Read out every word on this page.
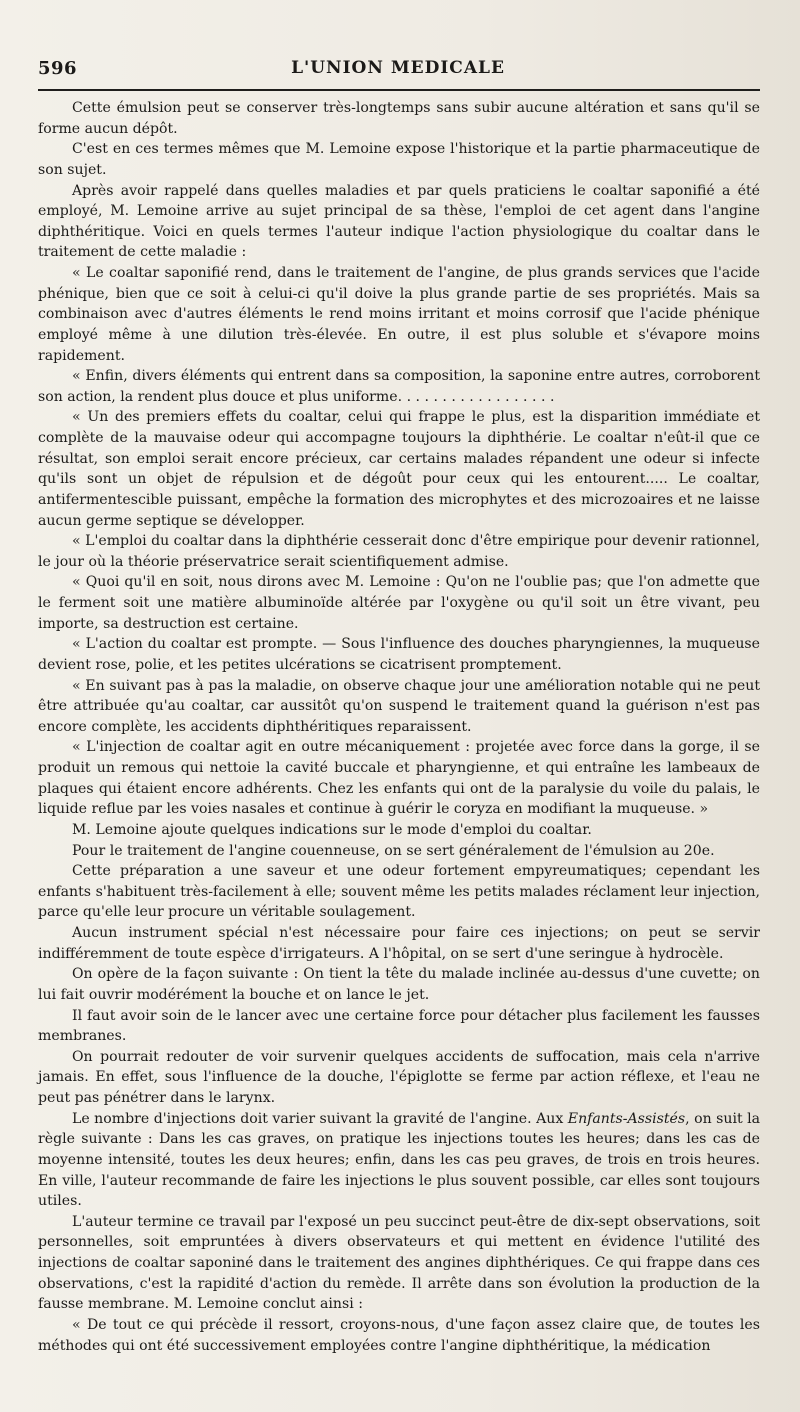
596	L'UNION MEDICALE

Cette émulsion peut se conserver très-longtemps sans subir aucune altération et sans qu'il se forme aucun dépôt.

C'est en ces termes mêmes que M. Lemoine expose l'historique et la partie pharmaceutique de son sujet.

Après avoir rappelé dans quelles maladies et par quels praticiens le coaltar saponifié a été employé, M. Lemoine arrive au sujet principal de sa thèse, l'emploi de cet agent dans l'angine diphthéritique. Voici en quels termes l'auteur indique l'action physiologique du coaltar dans le traitement de cette maladie :

« Le coaltar saponifié rend, dans le traitement de l'angine, de plus grands services que l'acide phénique, bien que ce soit à celui-ci qu'il doive la plus grande partie de ses propriétés. Mais sa combinaison avec d'autres éléments le rend moins irritant et moins corrosif que l'acide phénique employé même à une dilution très-élevée. En outre, il est plus soluble et s'évapore moins rapidement.

« Enfin, divers éléments qui entrent dans sa composition, la saponine entre autres, corroborent son action, la rendent plus douce et plus uniforme. . . . . . . . . . . . . . . . . .

« Un des premiers effets du coaltar, celui qui frappe le plus, est la disparition immédiate et complète de la mauvaise odeur qui accompagne toujours la diphthérie. Le coaltar n'eût-il que ce résultat, son emploi serait encore précieux, car certains malades répandent une odeur si infecte qu'ils sont un objet de répulsion et de dégoût pour ceux qui les entourent..... Le coaltar, antifermentescible puissant, empêche la formation des microphytes et des microzoaires et ne laisse aucun germe septique se développer.

« L'emploi du coaltar dans la diphthérie cesserait donc d'être empirique pour devenir rationnel, le jour où la théorie préservatrice serait scientifiquement admise.

« Quoi qu'il en soit, nous dirons avec M. Lemoine : Qu'on ne l'oublie pas; que l'on admette que le ferment soit une matière albuminoïde altérée par l'oxygène ou qu'il soit un être vivant, peu importe, sa destruction est certaine.

« L'action du coaltar est prompte. — Sous l'influence des douches pharyngiennes, la muqueuse devient rose, polie, et les petites ulcérations se cicatrisent promptement.

« En suivant pas à pas la maladie, on observe chaque jour une amélioration notable qui ne peut être attribuée qu'au coaltar, car aussitôt qu'on suspend le traitement quand la guérison n'est pas encore complète, les accidents diphthéritiques reparaissent.

« L'injection de coaltar agit en outre mécaniquement : projetée avec force dans la gorge, il se produit un remous qui nettoie la cavité buccale et pharyngienne, et qui entraîne les lambeaux de plaques qui étaient encore adhérents. Chez les enfants qui ont de la paralysie du voile du palais, le liquide reflue par les voies nasales et continue à guérir le coryza en modifiant la muqueuse. »

M. Lemoine ajoute quelques indications sur le mode d'emploi du coaltar.

Pour le traitement de l'angine couenneuse, on se sert généralement de l'émulsion au 20e.

Cette préparation a une saveur et une odeur fortement empyreumatiques; cependant les enfants s'habituent très-facilement à elle; souvent même les petits malades réclament leur injection, parce qu'elle leur procure un véritable soulagement.

Aucun instrument spécial n'est nécessaire pour faire ces injections; on peut se servir indifféremment de toute espèce d'irrigateurs. A l'hôpital, on se sert d'une seringue à hydrocèle.

On opère de la façon suivante : On tient la tête du malade inclinée au-dessus d'une cuvette; on lui fait ouvrir modérément la bouche et on lance le jet.

Il faut avoir soin de le lancer avec une certaine force pour détacher plus facilement les fausses membranes.

On pourrait redouter de voir survenir quelques accidents de suffocation, mais cela n'arrive jamais. En effet, sous l'influence de la douche, l'épiglotte se ferme par action réflexe, et l'eau ne peut pas pénétrer dans le larynx.

Le nombre d'injections doit varier suivant la gravité de l'angine. Aux Enfants-Assistés, on suit la règle suivante : Dans les cas graves, on pratique les injections toutes les heures; dans les cas de moyenne intensité, toutes les deux heures; enfin, dans les cas peu graves, de trois en trois heures. En ville, l'auteur recommande de faire les injections le plus souvent possible, car elles sont toujours utiles.

L'auteur termine ce travail par l'exposé un peu succinct peut-être de dix-sept observations, soit personnelles, soit empruntées à divers observateurs et qui mettent en évidence l'utilité des injections de coaltar saponiné dans le traitement des angines diphthériques. Ce qui frappe dans ces observations, c'est la rapidité d'action du remède. Il arrête dans son évolution la production de la fausse membrane. M. Lemoine conclut ainsi :

« De tout ce qui précède il ressort, croyons-nous, d'une façon assez claire que, de toutes les méthodes qui ont été successivement employées contre l'angine diphthéritique, la médication
